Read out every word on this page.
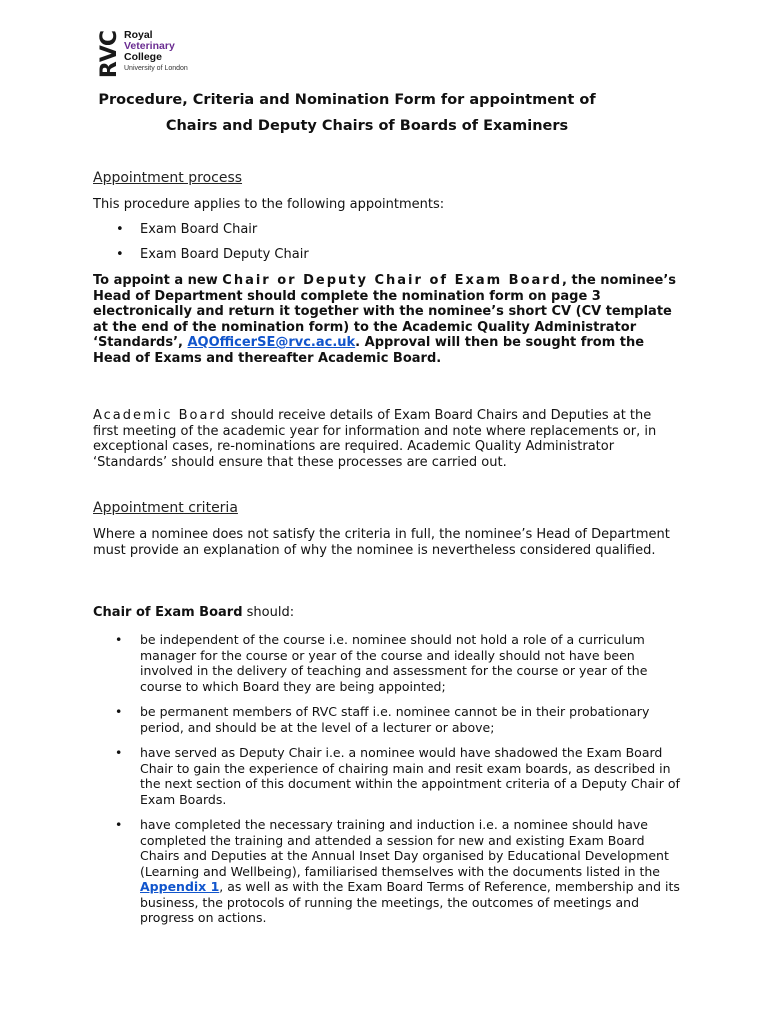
RVC Royal
Veterinary
College
University of London
Procedure, Criteria and Nomination Form for appointment of
Chairs and Deputy Chairs of Boards of Examiners
Appointment process
This procedure applies to the following appointments:
• Exam Board Chair
• Exam Board Deputy Chair
To appoint a new Chair or Deputy Chair of Exam Board, the nominee’s Head of Department should complete the nomination form on page 3 electronically and return it together with the nominee’s short CV (CV template at the end of the nomination form) to the Academic Quality Administrator ‘Standards’, AQOfficerSE@rvc.ac.uk. Approval will then be sought from the Head of Exams and thereafter Academic Board.
Academic Board should receive details of Exam Board Chairs and Deputies at the first meeting of the academic year for information and note where replacements or, in exceptional cases, re-nominations are required. Academic Quality Administrator ‘Standards’ should ensure that these processes are carried out.
Appointment criteria
Where a nominee does not satisfy the criteria in full, the nominee’s Head of Department must provide an explanation of why the nominee is nevertheless considered qualified.
Chair of Exam Board should:
• be independent of the course i.e. nominee should not hold a role of a curriculum manager for the course or year of the course and ideally should not have been involved in the delivery of teaching and assessment for the course or year of the course to which Board they are being appointed;
• be permanent members of RVC staff i.e. nominee cannot be in their probationary period, and should be at the level of a lecturer or above;
• have served as Deputy Chair i.e. a nominee would have shadowed the Exam Board Chair to gain the experience of chairing main and resit exam boards, as described in the next section of this document within the appointment criteria of a Deputy Chair of Exam Boards.
• have completed the necessary training and induction i.e. a nominee should have completed the training and attended a session for new and existing Exam Board Chairs and Deputies at the Annual Inset Day organised by Educational Development (Learning and Wellbeing), familiarised themselves with the documents listed in the Appendix 1, as well as with the Exam Board Terms of Reference, membership and its business, the protocols of running the meetings, the outcomes of meetings and progress on actions.
